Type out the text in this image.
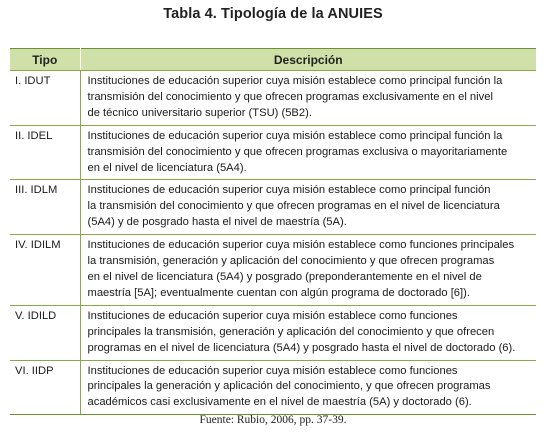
Tabla 4. Tipología de la ANUIES
Tipo	Descripción
I. IDUT	Instituciones de educación superior cuya misión establece como principal función la
transmisión del conocimiento y que ofrecen programas exclusivamente en el nivel
de técnico universitario superior (TSU) (5B2).
II. IDEL	Instituciones de educación superior cuya misión establece como principal función la
transmisión del conocimiento y que ofrecen programas exclusiva o mayoritariamente
en el nivel de licenciatura (5A4).
III. IDLM	Instituciones de educación superior cuya misión establece como principal función
la transmisión del conocimiento y que ofrecen programas en el nivel de licenciatura
(5A4) y de posgrado hasta el nivel de maestría (5A).
IV. IDILM	Instituciones de educación superior cuya misión establece como funciones principales
la transmisión, generación y aplicación del conocimiento y que ofrecen programas
en el nivel de licenciatura (5A4) y posgrado (preponderantemente en el nivel de
maestría [5A]; eventualmente cuentan con algún programa de doctorado [6]).
V. IDILD	Instituciones de educación superior cuya misión establece como funciones
principales la transmisión, generación y aplicación del conocimiento y que ofrecen
programas en el nivel de licenciatura (5A4) y posgrado hasta el nivel de doctorado (6).
VI. IIDP	Instituciones de educación superior cuya misión establece como funciones
principales la generación y aplicación del conocimiento, y que ofrecen programas
académicos casi exclusivamente en el nivel de maestría (5A) y doctorado (6).
Fuente: Rubio, 2006, pp. 37-39.
